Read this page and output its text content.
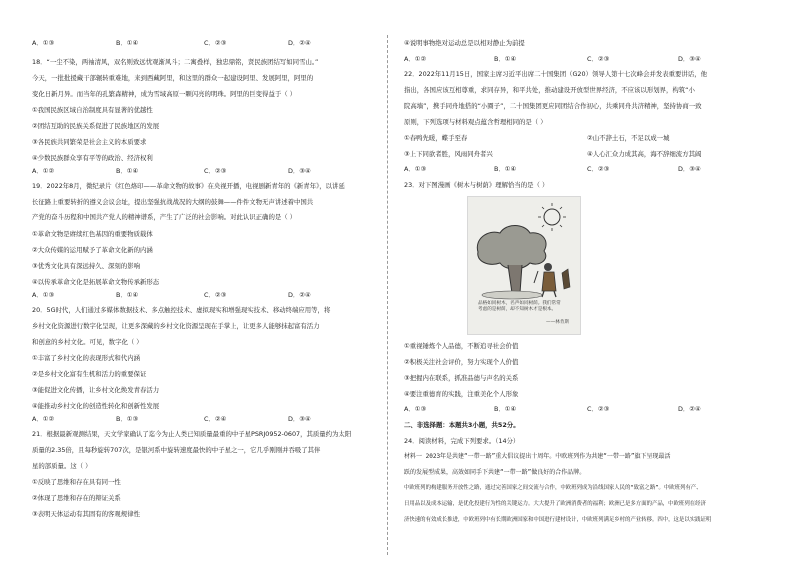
A．①③	B．①④	C．②③	D．②④
18．“一尘不染，两袖清风，双名则致远忧观渐风斗；二寓叠样，独忠鼎铭，贤民族团结写如同雪山。”
今天，一批批援藏干部辗转重难地，来到西藏阿里，和这里的群众一起建设阿里、发展阿里，阿里的
变化日新月异。而当年的孔繁森精神，成为雪域高原一颗闪亮的明珠。阿里的巨变得益于（ ）
①我国民族区域自治制度具有显著的优越性
②团结互助的民族关系促进了民族地区的发展
③各民族共同繁荣是社会主义的本质要求
④少数民族群众享有平等的政治、经济权利
A．①②	B．①④	C．②③	D．③④
19．2022年8月，微纪录片《红色烙印——革命文物的故事》在央视开播，电视剧新青年的《新青年》，以讲延
长征路上重要转折的遵义会议会址，提出坚强抗战战况的大纲的鼓舞——件件文物无声讲述着中国共
产党的奋斗历程和中国共产党人的精神谱系，产生了广泛的社会影响。对此认识正确的是（ ）
①革命文物是赓续红色基因的重要物质载体
②大众传媒的运用赋予了革命文化新的内涵
③优秀文化具有深远持久、深刻的影响
④以传承革命文化是拓展革命文物传承新形态
A．①③	B．①④	C．②③	D．②④
20．5G时代，人们通过多媒体数据技术、多点触控技术、虚拟现实和增强现实技术、移动终端应用等，将
乡村文化资源进行数字化呈现，让更多深藏的乡村文化资源呈现在手掌上，让更多人能够抹起富有活力
和创意的乡村文化。可见，数字化（ ）
①丰富了乡村文化的表现形式和代内涵
②是乡村文化富有生机和活力的重要保证
③能促进文化传播，让乡村文化焕发青春活力
④能推动乡村文化的创造性转化和创新性发展
A．①②	B．①③	C．②④	D．③④
21．根据最新观测结果，天文学家确认了迄今为止人类已知质量最重的中子星PSRJ0952-0607，其质量约为太阳
质量的2.35倍，且每秒旋转707次，是银河系中旋转速度最快的中子星之一，它几乎刚刚并吞吸了其伴
星的部质量。这（ ）
①反映了思维和存在具有同一性
②体现了思维和存在的辩证关系
③表明天体运动有其固有的客观规律性
④说明事物绝对运动总是以相对静止为前提
A．①②	B．①④	C．②③	D．③④
22．2022年11月15日，国家主席习近平出席二十国集团（G20）领导人第十七次峰会并发表重要讲话，他
指出，各国应该互相尊重，求同存异，和平共处，推动建设开放型世界经济，不应该以形划界，构筑“小
院高墙”，携手同舟地搭的“小圈子”，二十国集团更应同团结合作初心，共乘同舟共济精神，坚持协商一致
原则，下列选项与材料观点蕴含哲理相同的是（ ）
①春鸭先暖，蝶手至春	②山不辞土石，不足以成一城
③上下同欲者胜，风雨同舟者兴	④人心汇众力成其高，海不辞细流方其阔
A．①③	B．①④	C．②③	D．③④
23．对下图漫画《树木与树荫》理解恰当的是（ ）
品格如同树木，名声如同树荫。我们常常考虑的是树荫，却不知树木才是根本。
——林肯斯
①重视锤炼个人品德，不断追寻社会价值
②积极关注社会评价，努力实现个人价值
③把握内在联系，抓准品德与声名的关系
④要注重德育的实践，注重美化个人形象
A．①③	B．①④	C．②③	D．②④
二、非选择题：本题共3小题，共52分。
24．阅读材料，完成下列要求。（14分）
材料一 2023年是共建“一带一路”重大倡议提出十周年。中欧班列作为共建“一带一路”旗下呈现最活
跃的发展型成果，高效如同手下共建“一带一路”做良好的合作品牌。
中欧班列的构建服务开放性之路，通过完善国家之间交流与合作，中欧班列成为沿线国家人民的“致富之路”。中欧班列有产、
日用品以及成本运输，是优化投建行为性的关键运力。大大提升了欧洲消费者的福利；欧洲已是多方面的产品，中欧班列在经济
济快速的有效成长推进，中欧班列中有长期欧洲国家和中国进行建材设计，中欧班列满足乡村的产业转移。四中，这是以实践证明
